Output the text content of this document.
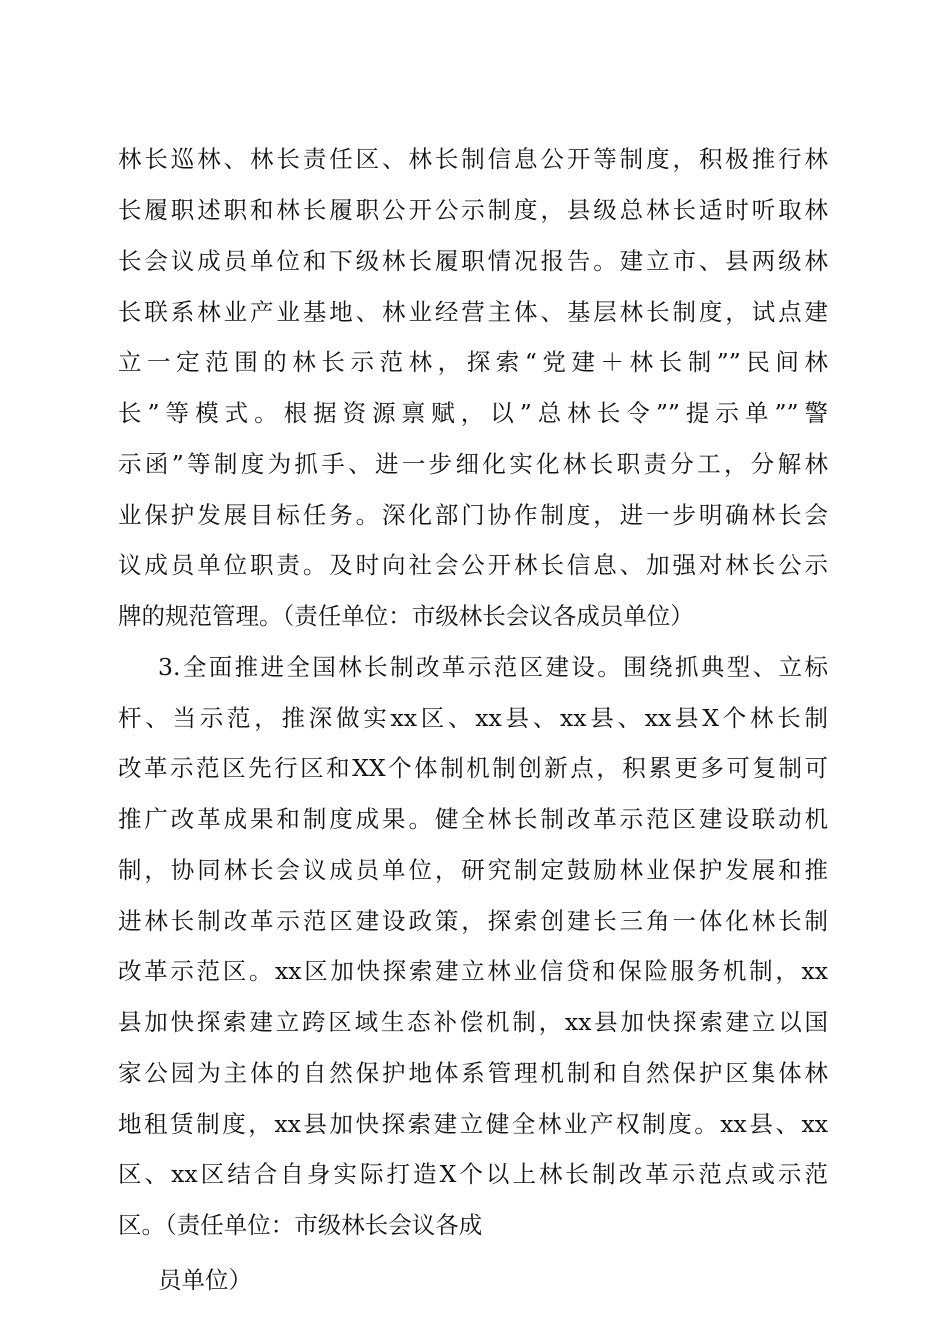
林长巡林、林长责任区、林长制信息公开等制度，积极推行林
长履职述职和林长履职公开公示制度，县级总林长适时听取林
长会议成员单位和下级林长履职情况报告。建立市、县两级林
长联系林业产业基地、林业经营主体、基层林长制度，试点建
立一定范围的林长示范林，探索“党建＋林长制””民间林
长”等模式。根据资源禀赋，以”总林长令””提示单””警
示函”等制度为抓手、进一步细化实化林长职责分工，分解林
业保护发展目标任务。深化部门协作制度，进一步明确林长会
议成员单位职责。及时向社会公开林长信息、加强对林长公示
牌的规范管理。（责任单位：市级林长会议各成员单位）
3.全面推进全国林长制改革示范区建设。围绕抓典型、立标
杆、当示范，推深做实xx区、xx县、xx县、xx县X个林长制
改革示范区先行区和XX个体制机制创新点，积累更多可复制可
推广改革成果和制度成果。健全林长制改革示范区建设联动机
制，协同林长会议成员单位，研究制定鼓励林业保护发展和推
进林长制改革示范区建设政策，探索创建长三角一体化林长制
改革示范区。xx区加快探索建立林业信贷和保险服务机制，xx
县加快探索建立跨区域生态补偿机制，xx县加快探索建立以国
家公园为主体的自然保护地体系管理机制和自然保护区集体林
地租赁制度，xx县加快探索建立健全林业产权制度。xx县、xx
区、xx区结合自身实际打造X个以上林长制改革示范点或示范
区。（责任单位：市级林长会议各成
员单位）
